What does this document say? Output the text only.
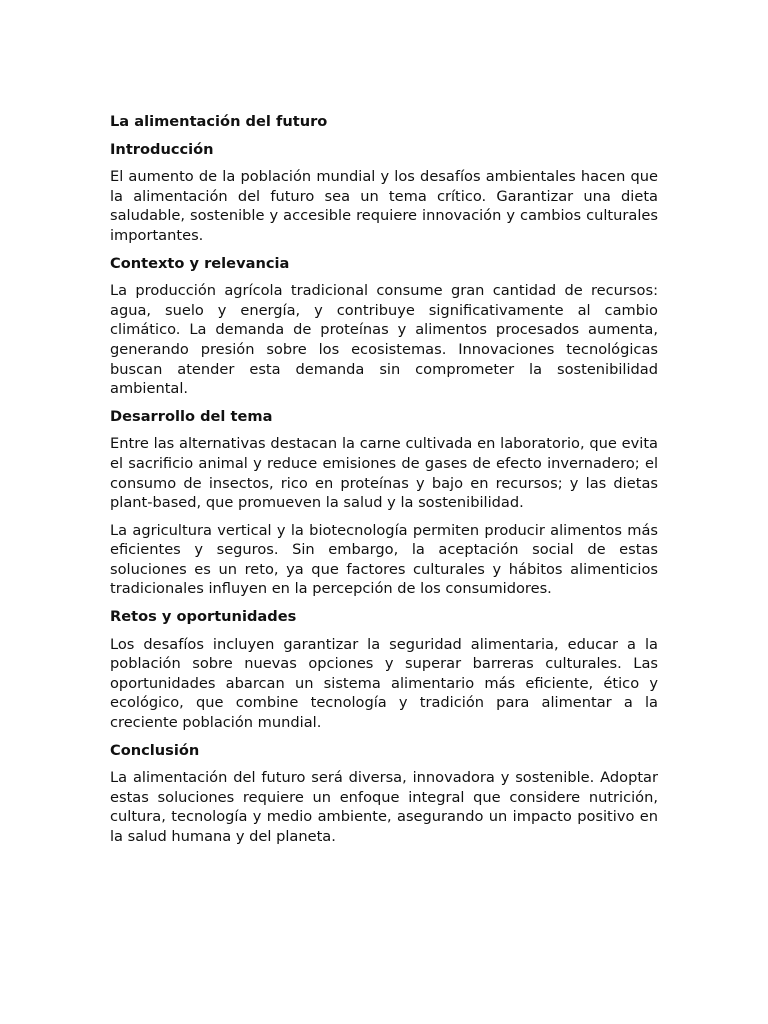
La alimentación del futuro
Introducción

El aumento de la población mundial y los desafíos ambientales hacen que la alimentación del futuro sea un tema crítico. Garantizar una dieta saludable, sostenible y accesible requiere innovación y cambios culturales importantes.

Contexto y relevancia

La producción agrícola tradicional consume gran cantidad de recursos: agua, suelo y energía, y contribuye significativamente al cambio climático. La demanda de proteínas y alimentos procesados aumenta, generando presión sobre los ecosistemas. Innovaciones tecnológicas buscan atender esta demanda sin comprometer la sostenibilidad ambiental.

Desarrollo del tema

Entre las alternativas destacan la carne cultivada en laboratorio, que evita el sacrificio animal y reduce emisiones de gases de efecto invernadero; el consumo de insectos, rico en proteínas y bajo en recursos; y las dietas plant-based, que promueven la salud y la sostenibilidad.

La agricultura vertical y la biotecnología permiten producir alimentos más eficientes y seguros. Sin embargo, la aceptación social de estas soluciones es un reto, ya que factores culturales y hábitos alimenticios tradicionales influyen en la percepción de los consumidores.

Retos y oportunidades

Los desafíos incluyen garantizar la seguridad alimentaria, educar a la población sobre nuevas opciones y superar barreras culturales. Las oportunidades abarcan un sistema alimentario más eficiente, ético y ecológico, que combine tecnología y tradición para alimentar a la creciente población mundial.

Conclusión

La alimentación del futuro será diversa, innovadora y sostenible. Adoptar estas soluciones requiere un enfoque integral que considere nutrición, cultura, tecnología y medio ambiente, asegurando un impacto positivo en la salud humana y del planeta.
